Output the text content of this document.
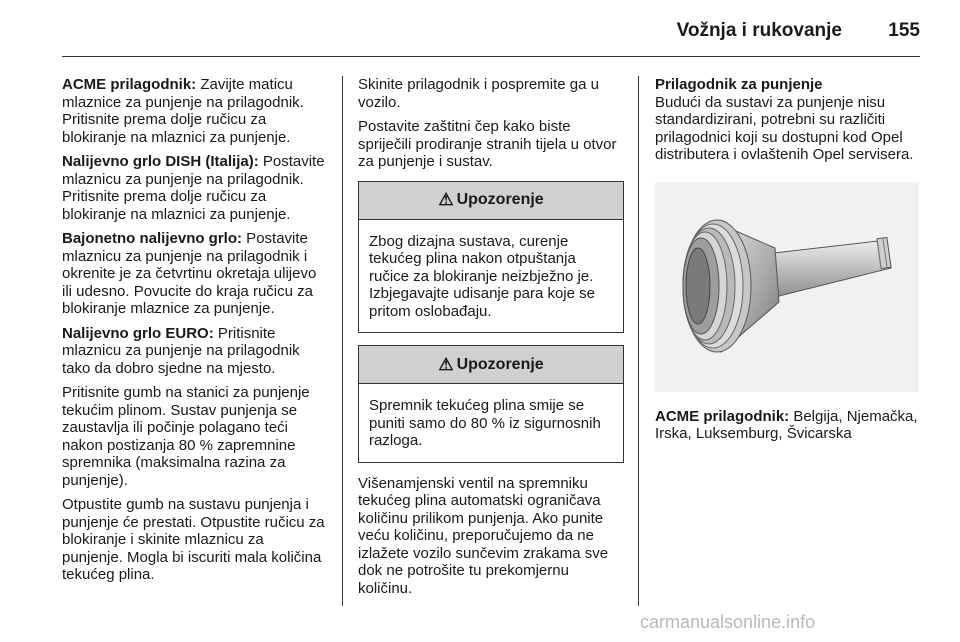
Vožnja i rukovanje 155

ACME prilagodnik: Zavijte maticu mlaznice za punjenje na prilagodnik. Pritisnite prema dolje ručicu za blokiranje na mlaznici za punjenje.

Nalijevno grlo DISH (Italija): Postavite mlaznicu za punjenje na prilagodnik. Pritisnite prema dolje ručicu za blokiranje na mlaznici za punjenje.

Bajonetno nalijevno grlo: Postavite mlaznicu za punjenje na prilagodnik i okrenite je za četvrtinu okretaja ulijevo ili udesno. Povucite do kraja ručicu za blokiranje mlaznice za punjenje.

Nalijevno grlo EURO: Pritisnite mlaznicu za punjenje na prilagodnik tako da dobro sjedne na mjesto.

Pritisnite gumb na stanici za punjenje tekućim plinom. Sustav punjenja se zaustavlja ili počinje polagano teći nakon postizanja 80 % zapremnine spremnika (maksimalna razina za punjenje).

Otpustite gumb na sustavu punjenja i punjenje će prestati. Otpustite ručicu za blokiranje i skinite mlaznicu za punjenje. Mogla bi iscuriti mala količina tekućeg plina.

Skinite prilagodnik i pospremite ga u vozilo.

Postavite zaštitni čep kako biste spriječili prodiranje stranih tijela u otvor za punjenje i sustav.

⚠ Upozorenje
Zbog dizajna sustava, curenje tekućeg plina nakon otpuštanja ručice za blokiranje neizbježno je. Izbjegavajte udisanje para koje se pritom oslobađaju.
⚠ Upozorenje
Spremnik tekućeg plina smije se puniti samo do 80 % iz sigurnosnih razloga.

Višenamjenski ventil na spremniku tekućeg plina automatski ograničava količinu prilikom punjenja. Ako punite veću količinu, preporučujemo da ne izlažete vozilo sunčevim zrakama sve dok ne potrošite tu prekomjernu količinu.

Prilagodnik za punjenje

Budući da sustavi za punjenje nisu standardizirani, potrebni su različiti prilagodnici koji su dostupni kod Opel distributera i ovlaštenih Opel servisera.

ACME prilagodnik: Belgija, Njemačka, Irska, Luksemburg, Švicarska

carmanualsonline.info
